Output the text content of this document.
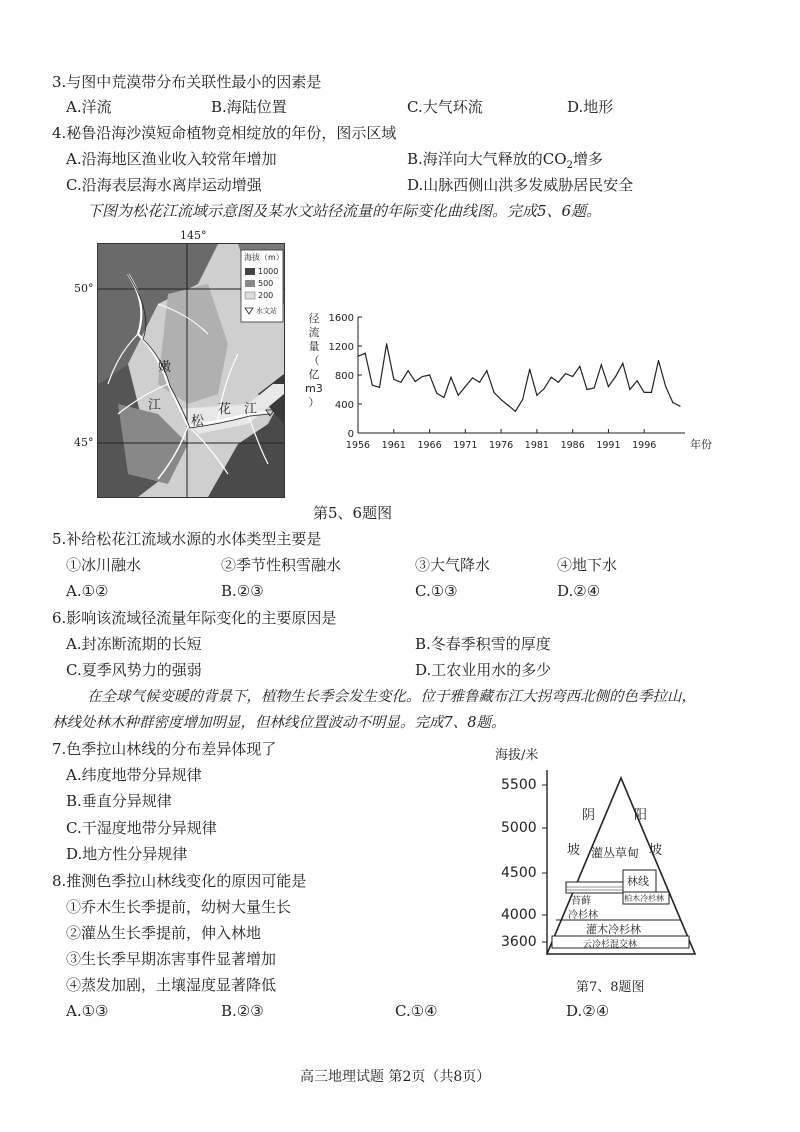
3.与图中荒漠带分布关联性最小的因素是
A.洋流	B.海陆位置	C.大气环流	D.地形
4.秘鲁沿海沙漠短命植物竞相绽放的年份，图示区域
A.沿海地区渔业收入较常年增加	B.海洋向大气释放的$CO_2$增多
C.沿海表层海水离岸运动增强	D.山脉西侧山洪多发威胁居民安全
下图为松花江流域示意图及某水文站径流量的年际变化曲线图。完成5、6题。
145°
50°
45°
海拔（m）
1000
500
200
水文站
嫩
江
松
花 江
0
400
800
1200
1600
1956 1961 1966 1971 1976 1981 1986 1991 1996
径
流
量
（
亿
m3
）
年份
第5、6题图
5.补给松花江流域水源的水体类型主要是
①冰川融水	②季节性积雪融水	③大气降水	④地下水
A.①②	B.②③	C.①③	D.②④
6.影响该流域径流量年际变化的主要原因是
A.封冻断流期的长短	B.冬春季积雪的厚度
C.夏季风势力的强弱	D.工农业用水的多少
在全球气候变暖的背景下，植物生长季会发生变化。位于雅鲁藏布江大拐弯西北侧的色季拉山，
林线处林木种群密度增加明显，但林线位置波动不明显。完成7、8题。
7.色季拉山林线的分布差异体现了
A.纬度地带分异规律
B.垂直分异规律
C.干湿度地带分异规律
D.地方性分异规律
8.推测色季拉山林线变化的原因可能是
①乔木生长季提前，幼树大量生长
②灌丛生长季提前，伸入林地
③生长季早期冻害事件显著增加
④蒸发加剧，土壤湿度显著降低
A.①③	B.②③	C.①④	D.②④
海拔/米
5500
5000
4500
4000
3600
阴
坡
阳
坡
灌丛草甸
林线
苔藓
冷杉林
柏木冷杉林
灌木冷杉林
云冷杉混交林
第7、8题图
高三地理试题 第2页（共8页）
